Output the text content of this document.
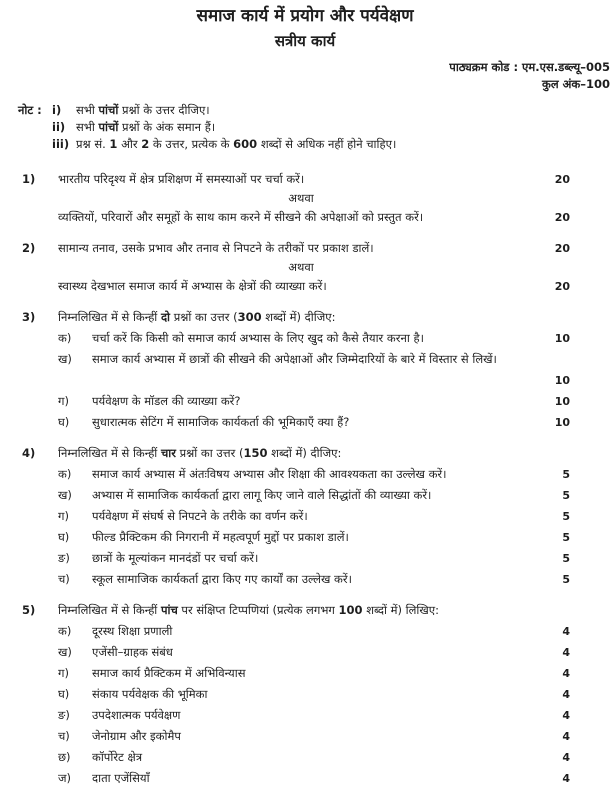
समाज कार्य में प्रयोग और पर्यवेक्षण
सत्रीय कार्य
पाठ्यक्रम कोड : एम.एस.डब्ल्यू–005
कुल अंक–100
नोट : i)	सभी पांचों प्रश्नों के उत्तर दीजिए।
ii) सभी पांचों प्रश्नों के अंक समान हैं।
iii) प्रश्न सं. 1 और 2 के उत्तर, प्रत्येक के 600 शब्दों से अधिक नहीं होने चाहिए।
1)	भारतीय परिदृश्य में क्षेत्र प्रशिक्षण में समस्याओं पर चर्चा करें।	20
अथवा
व्यक्तियों, परिवारों और समूहों के साथ काम करने में सीखने की अपेक्षाओं को प्रस्तुत करें।	20
2)	सामान्य तनाव, उसके प्रभाव और तनाव से निपटने के तरीकों पर प्रकाश डालें।	20
अथवा
स्वास्थ्य देखभाल समाज कार्य में अभ्यास के क्षेत्रों की व्याख्या करें।	20
3)	निम्नलिखित में से किन्हीं दो प्रश्नों का उत्तर (300 शब्दों में) दीजिए:
क)	चर्चा करें कि किसी को समाज कार्य अभ्यास के लिए खुद को कैसे तैयार करना है।	10
ख)	समाज कार्य अभ्यास में छात्रों की सीखने की अपेक्षाओं और जिम्मेदारियों के बारे में विस्तार से लिखें।
10
ग)	पर्यवेक्षण के मॉडल की व्याख्या करें?	10
घ)	सुधारात्मक सेटिंग में सामाजिक कार्यकर्ता की भूमिकाएँ क्या हैं?	10
4)	निम्नलिखित में से किन्हीं चार प्रश्नों का उत्तर (150 शब्दों में) दीजिए:
क)	समाज कार्य अभ्यास में अंतःविषय अभ्यास और शिक्षा की आवश्यकता का उल्लेख करें।	5
ख)	अभ्यास में सामाजिक कार्यकर्ता द्वारा लागू किए जाने वाले सिद्धांतों की व्याख्या करें।	5
ग)	पर्यवेक्षण में संघर्ष से निपटने के तरीके का वर्णन करें।	5
घ)	फील्ड प्रैक्टिकम की निगरानी में महत्वपूर्ण मुद्दों पर प्रकाश डालें।	5
ङ)	छात्रों के मूल्यांकन मानदंडों पर चर्चा करें।	5
च)	स्कूल सामाजिक कार्यकर्ता द्वारा किए गए कार्यों का उल्लेख करें।	5
5)	निम्नलिखित में से किन्हीं पांच पर संक्षिप्त टिप्पणियां (प्रत्येक लगभग 100 शब्दों में) लिखिए:
क)	दूरस्थ शिक्षा प्रणाली	4
ख)	एजेंसी–ग्राहक संबंध	4
ग)	समाज कार्य प्रैक्टिकम में अभिविन्यास	4
घ)	संकाय पर्यवेक्षक की भूमिका	4
ङ)	उपदेशात्मक पर्यवेक्षण	4
च)	जेनोग्राम और इकोमैप	4
छ)	कॉर्पोरेट क्षेत्र	4
ज)	दाता एजेंसियाँ	4
